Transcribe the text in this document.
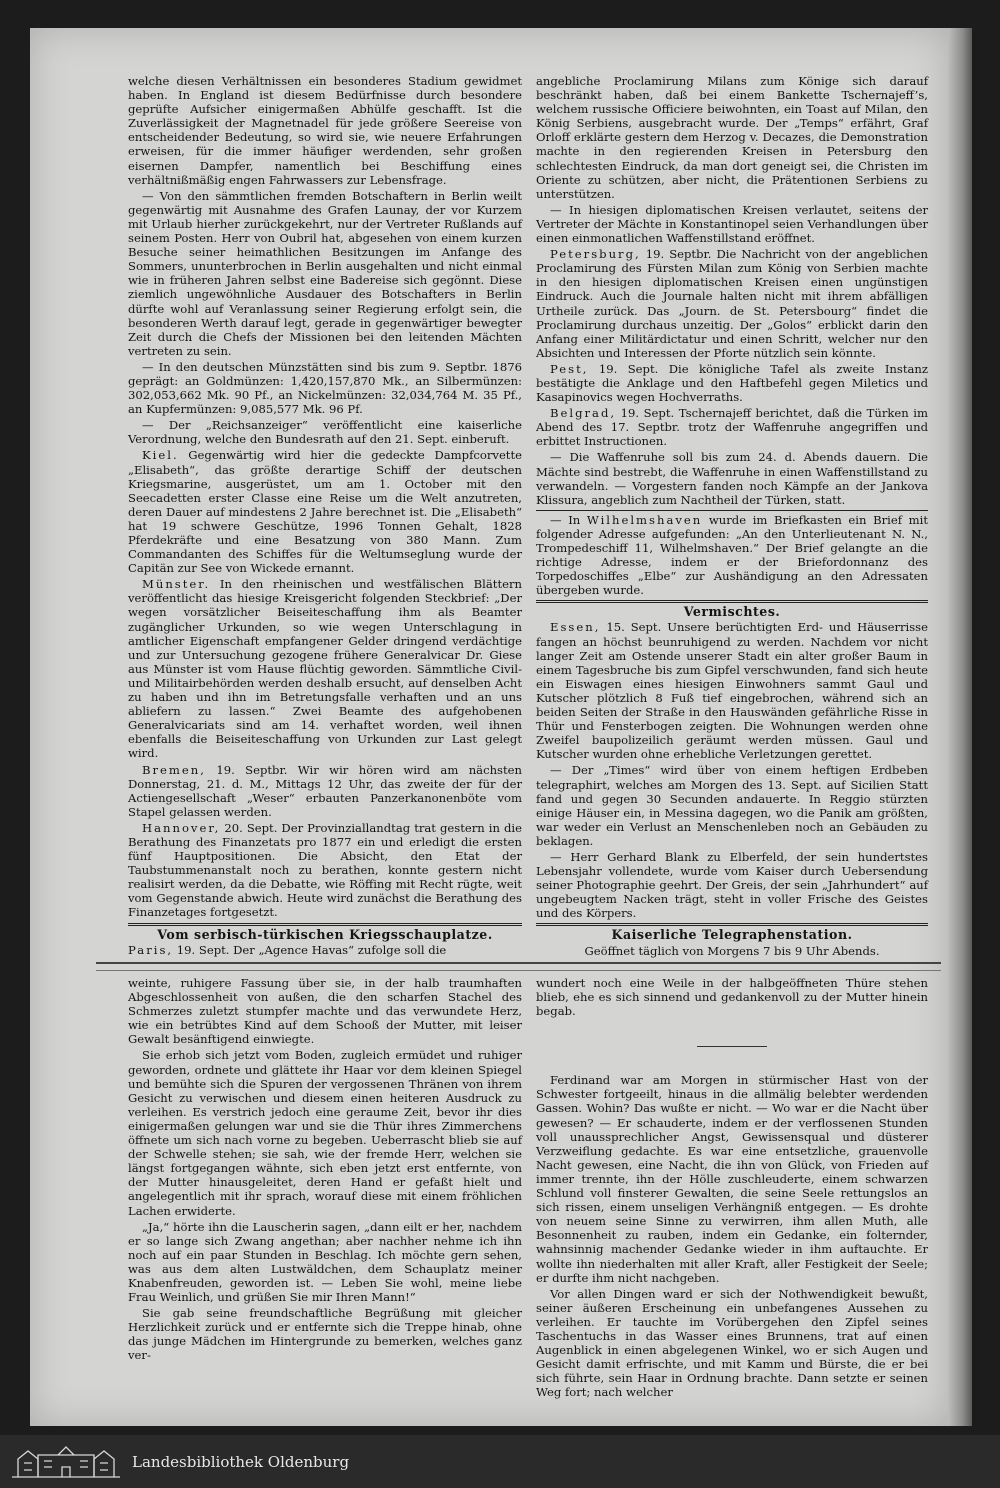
welche diesen Verhältnissen ein besonderes Stadium gewidmet haben. In England ist diesem Bedürfnisse durch besondere geprüfte Aufsicher einigermaßen Abhülfe geschafft. Ist die Zuverlässigkeit der Magnetnadel für jede größere Seereise von entscheidender Bedeutung, so wird sie, wie neuere Erfahrungen erweisen, für die immer häufiger werdenden, sehr großen eisernen Dampfer, namentlich bei Beschiffung eines verhältnißmäßig engen Fahrwassers zur Lebensfrage.

— Von den sämmtlichen fremden Botschaftern in Berlin weilt gegenwärtig mit Ausnahme des Grafen Launay, der vor Kurzem mit Urlaub hierher zurückgekehrt, nur der Vertreter Rußlands auf seinem Posten. Herr von Oubril hat, abgesehen von einem kurzen Besuche seiner heimathlichen Besitzungen im Anfange des Sommers, ununterbrochen in Berlin ausgehalten und nicht einmal wie in früheren Jahren selbst eine Badereise sich gegönnt. Diese ziemlich ungewöhnliche Ausdauer des Botschafters in Berlin dürfte wohl auf Veranlassung seiner Regierung erfolgt sein, die besonderen Werth darauf legt, gerade in gegenwärtiger bewegter Zeit durch die Chefs der Missionen bei den leitenden Mächten vertreten zu sein.

— In den deutschen Münzstätten sind bis zum 9. Septbr. 1876 geprägt: an Goldmünzen: 1,420,157,870 Mk., an Silbermünzen: 302,053,662 Mk. 90 Pf., an Nickelmünzen: 32,034,764 M. 35 Pf., an Kupfermünzen: 9,085,577 Mk. 96 Pf.

— Der „Reichsanzeiger“ veröffentlicht eine kaiserliche Verordnung, welche den Bundesrath auf den 21. Sept. einberuft.

Kiel. Gegenwärtig wird hier die gedeckte Dampfcorvette „Elisabeth“, das größte derartige Schiff der deutschen Kriegsmarine, ausgerüstet, um am 1. October mit den Seecadetten erster Classe eine Reise um die Welt anzutreten, deren Dauer auf mindestens 2 Jahre berechnet ist. Die „Elisabeth“ hat 19 schwere Geschütze, 1996 Tonnen Gehalt, 1828 Pferdekräfte und eine Besatzung von 380 Mann. Zum Commandanten des Schiffes für die Weltumseglung wurde der Capitän zur See von Wickede ernannt.

Münster. In den rheinischen und westfälischen Blättern veröffentlicht das hiesige Kreisgericht folgenden Steckbrief: „Der wegen vorsätzlicher Beiseiteschaffung ihm als Beamter zugänglicher Urkunden, so wie wegen Unterschlagung in amtlicher Eigenschaft empfangener Gelder dringend verdächtige und zur Untersuchung gezogene frühere Generalvicar Dr. Giese aus Münster ist vom Hause flüchtig geworden. Sämmtliche Civil- und Militairbehörden werden deshalb ersucht, auf denselben Acht zu haben und ihn im Betretungsfalle verhaften und an uns abliefern zu lassen.“ Zwei Beamte des aufgehobenen Generalvicariats sind am 14. verhaftet worden, weil ihnen ebenfalls die Beiseiteschaffung von Urkunden zur Last gelegt wird.

Bremen, 19. Septbr. Wir wir hören wird am nächsten Donnerstag, 21. d. M., Mittags 12 Uhr, das zweite der für der Actiengesellschaft „Weser“ erbauten Panzerkanonenböte vom Stapel gelassen werden.

Hannover, 20. Sept. Der Provinziallandtag trat gestern in die Berathung des Finanzetats pro 1877 ein und erledigt die ersten fünf Hauptpositionen. Die Absicht, den Etat der Taubstummenanstalt noch zu berathen, konnte gestern nicht realisirt werden, da die Debatte, wie Röffing mit Recht rügte, weit vom Gegenstande abwich. Heute wird zunächst die Berathung des Finanzetages fortgesetzt.

Vom serbisch-türkischen Kriegsschauplatze.

Paris, 19. Sept. Der „Agence Havas“ zufolge soll die

angebliche Proclamirung Milans zum Könige sich darauf beschränkt haben, daß bei einem Bankette Tschernajeff’s, welchem russische Officiere beiwohnten, ein Toast auf Milan, den König Serbiens, ausgebracht wurde. Der „Temps“ erfährt, Graf Orloff erklärte gestern dem Herzog v. Decazes, die Demonstration machte in den regierenden Kreisen in Petersburg den schlechtesten Eindruck, da man dort geneigt sei, die Christen im Oriente zu schützen, aber nicht, die Prätentionen Serbiens zu unterstützen.

— In hiesigen diplomatischen Kreisen verlautet, seitens der Vertreter der Mächte in Konstantinopel seien Verhandlungen über einen einmonatlichen Waffenstillstand eröffnet.

Petersburg, 19. Septbr. Die Nachricht von der angeblichen Proclamirung des Fürsten Milan zum König von Serbien machte in den hiesigen diplomatischen Kreisen einen ungünstigen Eindruck. Auch die Journale halten nicht mit ihrem abfälligen Urtheile zurück. Das „Journ. de St. Petersbourg“ findet die Proclamirung durchaus unzeitig. Der „Golos“ erblickt darin den Anfang einer Militärdictatur und einen Schritt, welcher nur den Absichten und Interessen der Pforte nützlich sein könnte.

Pest, 19. Sept. Die königliche Tafel als zweite Instanz bestätigte die Anklage und den Haftbefehl gegen Miletics und Kasapinovics wegen Hochverraths.

Belgrad, 19. Sept. Tschernajeff berichtet, daß die Türken im Abend des 17. Septbr. trotz der Waffenruhe angegriffen und erbittet Instructionen.

— Die Waffenruhe soll bis zum 24. d. Abends dauern. Die Mächte sind bestrebt, die Waffenruhe in einen Waffenstillstand zu verwandeln. — Vorgestern fanden noch Kämpfe an der Jankova Klissura, angeblich zum Nachtheil der Türken, statt.

— In Wilhelmshaven wurde im Briefkasten ein Brief mit folgender Adresse aufgefunden: „An den Unterlieutenant N. N., Trompedeschiff 11, Wilhelmshaven.“ Der Brief gelangte an die richtige Adresse, indem er der Briefordonnanz des Torpedoschiffes „Elbe“ zur Aushändigung an den Adressaten übergeben wurde.

Vermischtes.

Essen, 15. Sept. Unsere berüchtigten Erd- und Häuserrisse fangen an höchst beunruhigend zu werden. Nachdem vor nicht langer Zeit am Ostende unserer Stadt ein alter großer Baum in einem Tagesbruche bis zum Gipfel verschwunden, fand sich heute ein Eiswagen eines hiesigen Einwohners sammt Gaul und Kutscher plötzlich 8 Fuß tief eingebrochen, während sich an beiden Seiten der Straße in den Hauswänden gefährliche Risse in Thür und Fensterbogen zeigten. Die Wohnungen werden ohne Zweifel baupolizeilich geräumt werden müssen. Gaul und Kutscher wurden ohne erhebliche Verletzungen gerettet.

— Der „Times“ wird über von einem heftigen Erdbeben telegraphirt, welches am Morgen des 13. Sept. auf Sicilien Statt fand und gegen 30 Secunden andauerte. In Reggio stürzten einige Häuser ein, in Messina dagegen, wo die Panik am größten, war weder ein Verlust an Menschenleben noch an Gebäuden zu beklagen.

— Herr Gerhard Blank zu Elberfeld, der sein hundertstes Lebensjahr vollendete, wurde vom Kaiser durch Uebersendung seiner Photographie geehrt. Der Greis, der sein „Jahrhundert“ auf ungebeugtem Nacken trägt, steht in voller Frische des Geistes und des Körpers.

Kaiserliche Telegraphenstation.
Geöffnet täglich von Morgens 7 bis 9 Uhr Abends.

weinte, ruhigere Fassung über sie, in der halb traumhaften Abgeschlossenheit von außen, die den scharfen Stachel des Schmerzes zuletzt stumpfer machte und das verwundete Herz, wie ein betrübtes Kind auf dem Schooß der Mutter, mit leiser Gewalt besänftigend einwiegte.

Sie erhob sich jetzt vom Boden, zugleich ermüdet und ruhiger geworden, ordnete und glättete ihr Haar vor dem kleinen Spiegel und bemühte sich die Spuren der vergossenen Thränen von ihrem Gesicht zu verwischen und diesem einen heiteren Ausdruck zu verleihen. Es verstrich jedoch eine geraume Zeit, bevor ihr dies einigermaßen gelungen war und sie die Thür ihres Zimmerchens öffnete um sich nach vorne zu begeben. Ueberrascht blieb sie auf der Schwelle stehen; sie sah, wie der fremde Herr, welchen sie längst fortgegangen wähnte, sich eben jetzt erst entfernte, von der Mutter hinausgeleitet, deren Hand er gefaßt hielt und angelegentlich mit ihr sprach, worauf diese mit einem fröhlichen Lachen erwiderte.

„Ja,“ hörte ihn die Lauscherin sagen, „dann eilt er her, nachdem er so lange sich Zwang angethan; aber nachher nehme ich ihn noch auf ein paar Stunden in Beschlag. Ich möchte gern sehen, was aus dem alten Lustwäldchen, dem Schauplatz meiner Knabenfreuden, geworden ist. — Leben Sie wohl, meine liebe Frau Weinlich, und grüßen Sie mir Ihren Mann!“

Sie gab seine freundschaftliche Begrüßung mit gleicher Herzlichkeit zurück und er entfernte sich die Treppe hinab, ohne das junge Mädchen im Hintergrunde zu bemerken, welches ganz ver-

wundert noch eine Weile in der halbgeöffneten Thüre stehen blieb, ehe es sich sinnend und gedankenvoll zu der Mutter hinein begab.

Ferdinand war am Morgen in stürmischer Hast von der Schwester fortgeeilt, hinaus in die allmälig belebter werdenden Gassen. Wohin? Das wußte er nicht. — Wo war er die Nacht über gewesen? — Er schauderte, indem er der verflossenen Stunden voll unaussprechlicher Angst, Gewissensqual und düsterer Verzweiflung gedachte. Es war eine entsetzliche, grauenvolle Nacht gewesen, eine Nacht, die ihn von Glück, von Frieden auf immer trennte, ihn der Hölle zuschleuderte, einem schwarzen Schlund voll finsterer Gewalten, die seine Seele rettungslos an sich rissen, einem unseligen Verhängniß entgegen. — Es drohte von neuem seine Sinne zu verwirren, ihm allen Muth, alle Besonnenheit zu rauben, indem ein Gedanke, ein folternder, wahnsinnig machender Gedanke wieder in ihm auftauchte. Er wollte ihn niederhalten mit aller Kraft, aller Festigkeit der Seele; er durfte ihm nicht nachgeben.

Vor allen Dingen ward er sich der Nothwendigkeit bewußt, seiner äußeren Erscheinung ein unbefangenes Aussehen zu verleihen. Er tauchte im Vorübergehen den Zipfel seines Taschentuchs in das Wasser eines Brunnens, trat auf einen Augenblick in einen abgelegenen Winkel, wo er sich Augen und Gesicht damit erfrischte, und mit Kamm und Bürste, die er bei sich führte, sein Haar in Ordnung brachte. Dann setzte er seinen Weg fort; nach welcher

Landesbibliothek Oldenburg
